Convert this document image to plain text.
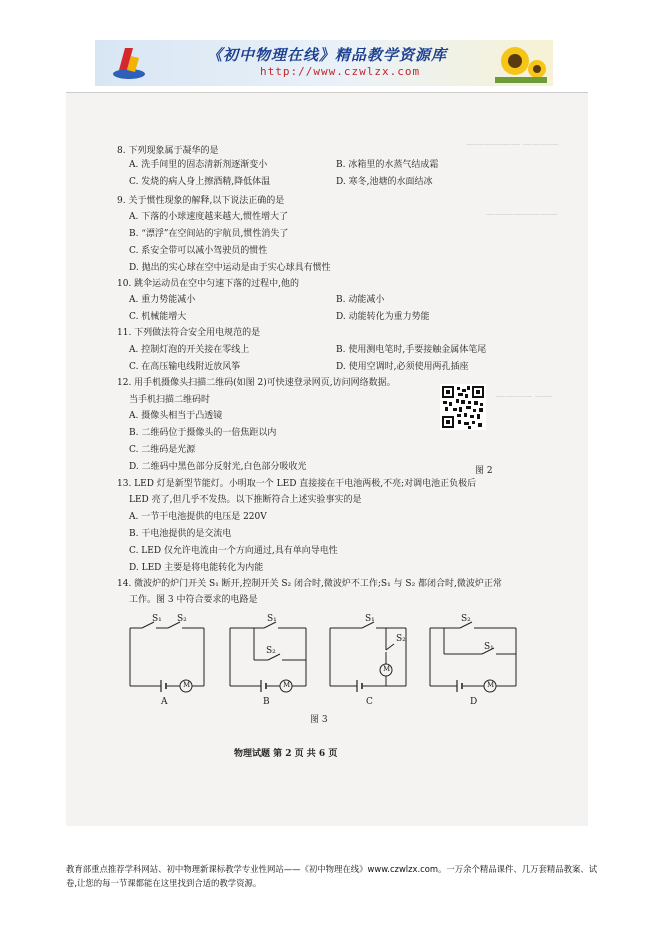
《初中物理在线》精品教学资源库
http://www.czwlzx.com
—————— ————
————————
———— ——
8. 下列现象属于凝华的是
A. 洗手间里的固态清新剂逐渐变小	B. 冰箱里的水蒸气结成霜
C. 发烧的病人身上擦酒精,降低体温	D. 寒冬,池塘的水面结冰
9. 关于惯性现象的解释,以下说法正确的是
A. 下落的小球速度越来越大,惯性增大了
B. “漂浮”在空间站的宇航员,惯性消失了
C. 系安全带可以减小驾驶员的惯性
D. 抛出的实心球在空中运动是由于实心球具有惯性
10. 跳伞运动员在空中匀速下落的过程中,他的
A. 重力势能减小	B. 动能减小
C. 机械能增大	D. 动能转化为重力势能
11. 下列做法符合安全用电规范的是
A. 控制灯泡的开关接在零线上	B. 使用测电笔时,手要接触金属体笔尾
C. 在高压输电线附近放风筝	D. 使用空调时,必须使用两孔插座
12. 用手机摄像头扫描二维码(如图 2)可快速登录网页,访问网络数据。
当手机扫描二维码时
A. 摄像头相当于凸透镜
B. 二维码位于摄像头的一倍焦距以内
C. 二维码是光源
D. 二维码中黑色部分反射光,白色部分吸收光	图 2
13. LED 灯是新型节能灯。小明取一个 LED 直接接在干电池两极,不亮;对调电池正负极后
LED 亮了,但几乎不发热。以下推断符合上述实验事实的是
A. 一节干电池提供的电压是 220V
B. 干电池提供的是交流电
C. LED 仅允许电流由一个方向通过,具有单向导电性
D. LED 主要是将电能转化为内能
14. 微波炉的炉门开关 S₁ 断开,控制开关 S₂ 闭合时,微波炉不工作;S₁ 与 S₂ 都闭合时,微波炉正常
工作。图 3 中符合要求的电路是
S₁ S₂	S₁
S₂
S₁
S₂
S₂
S₁
M	M
M
M
A	B	C	D
图 3
物理试题 第 2 页 共 6 页
教育部重点推荐学科网站、初中物理新课标教学专业性网站——《初中物理在线》www.czwlzx.com。一万余个精品课件、几万套精品教案、试卷,让您的每一节课都能在这里找到合适的教学资源。
